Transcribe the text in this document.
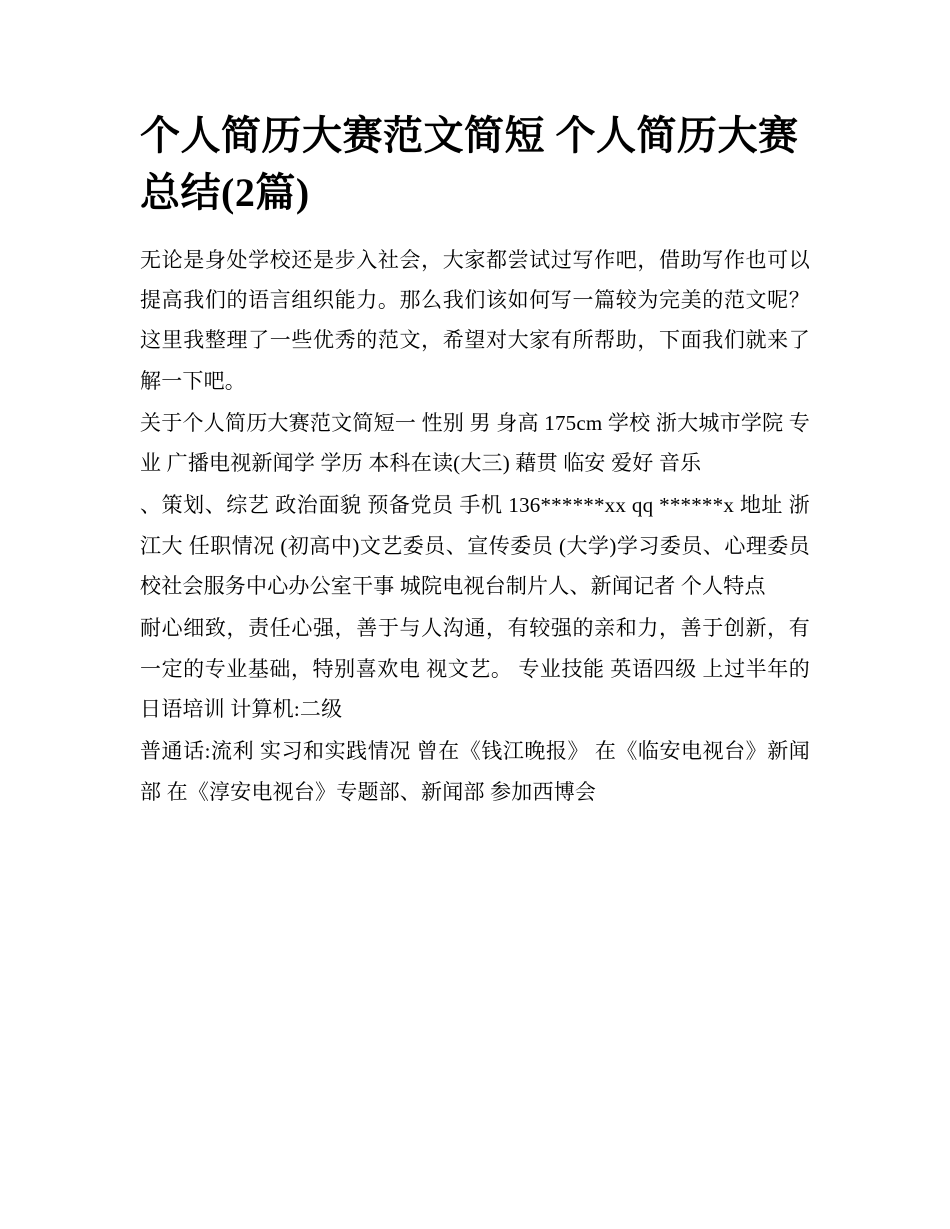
个人简历大赛范文简短 个人简历大赛总结(2篇)

无论是身处学校还是步入社会，大家都尝试过写作吧，借助写作也可以提高我们的语言组织能力。那么我们该如何写一篇较为完美的范文呢？这里我整理了一些优秀的范文，希望对大家有所帮助，下面我们就来了解一下吧。

关于个人简历大赛范文简短一 性别 男 身高 175cm 学校 浙大城市学院 专业 广播电视新闻学 学历 本科在读(大三) 藉贯 临安 爱好 音乐

、策划、综艺 政治面貌 预备党员 手机 136******xx qq ******x 地址 浙江大 任职情况 (初高中)文艺委员、宣传委员 (大学)学习委员、心理委员 校社会服务中心办公室干事 城院电视台制片人、新闻记者 个人特点

耐心细致，责任心强，善于与人沟通，有较强的亲和力，善于创新，有一定的专业基础，特别喜欢电 视文艺。 专业技能 英语四级 上过半年的日语培训 计算机:二级

普通话:流利 实习和实践情况 曾在《钱江晚报》 在《临安电视台》新闻部 在《淳安电视台》专题部、新闻部 参加西博会
